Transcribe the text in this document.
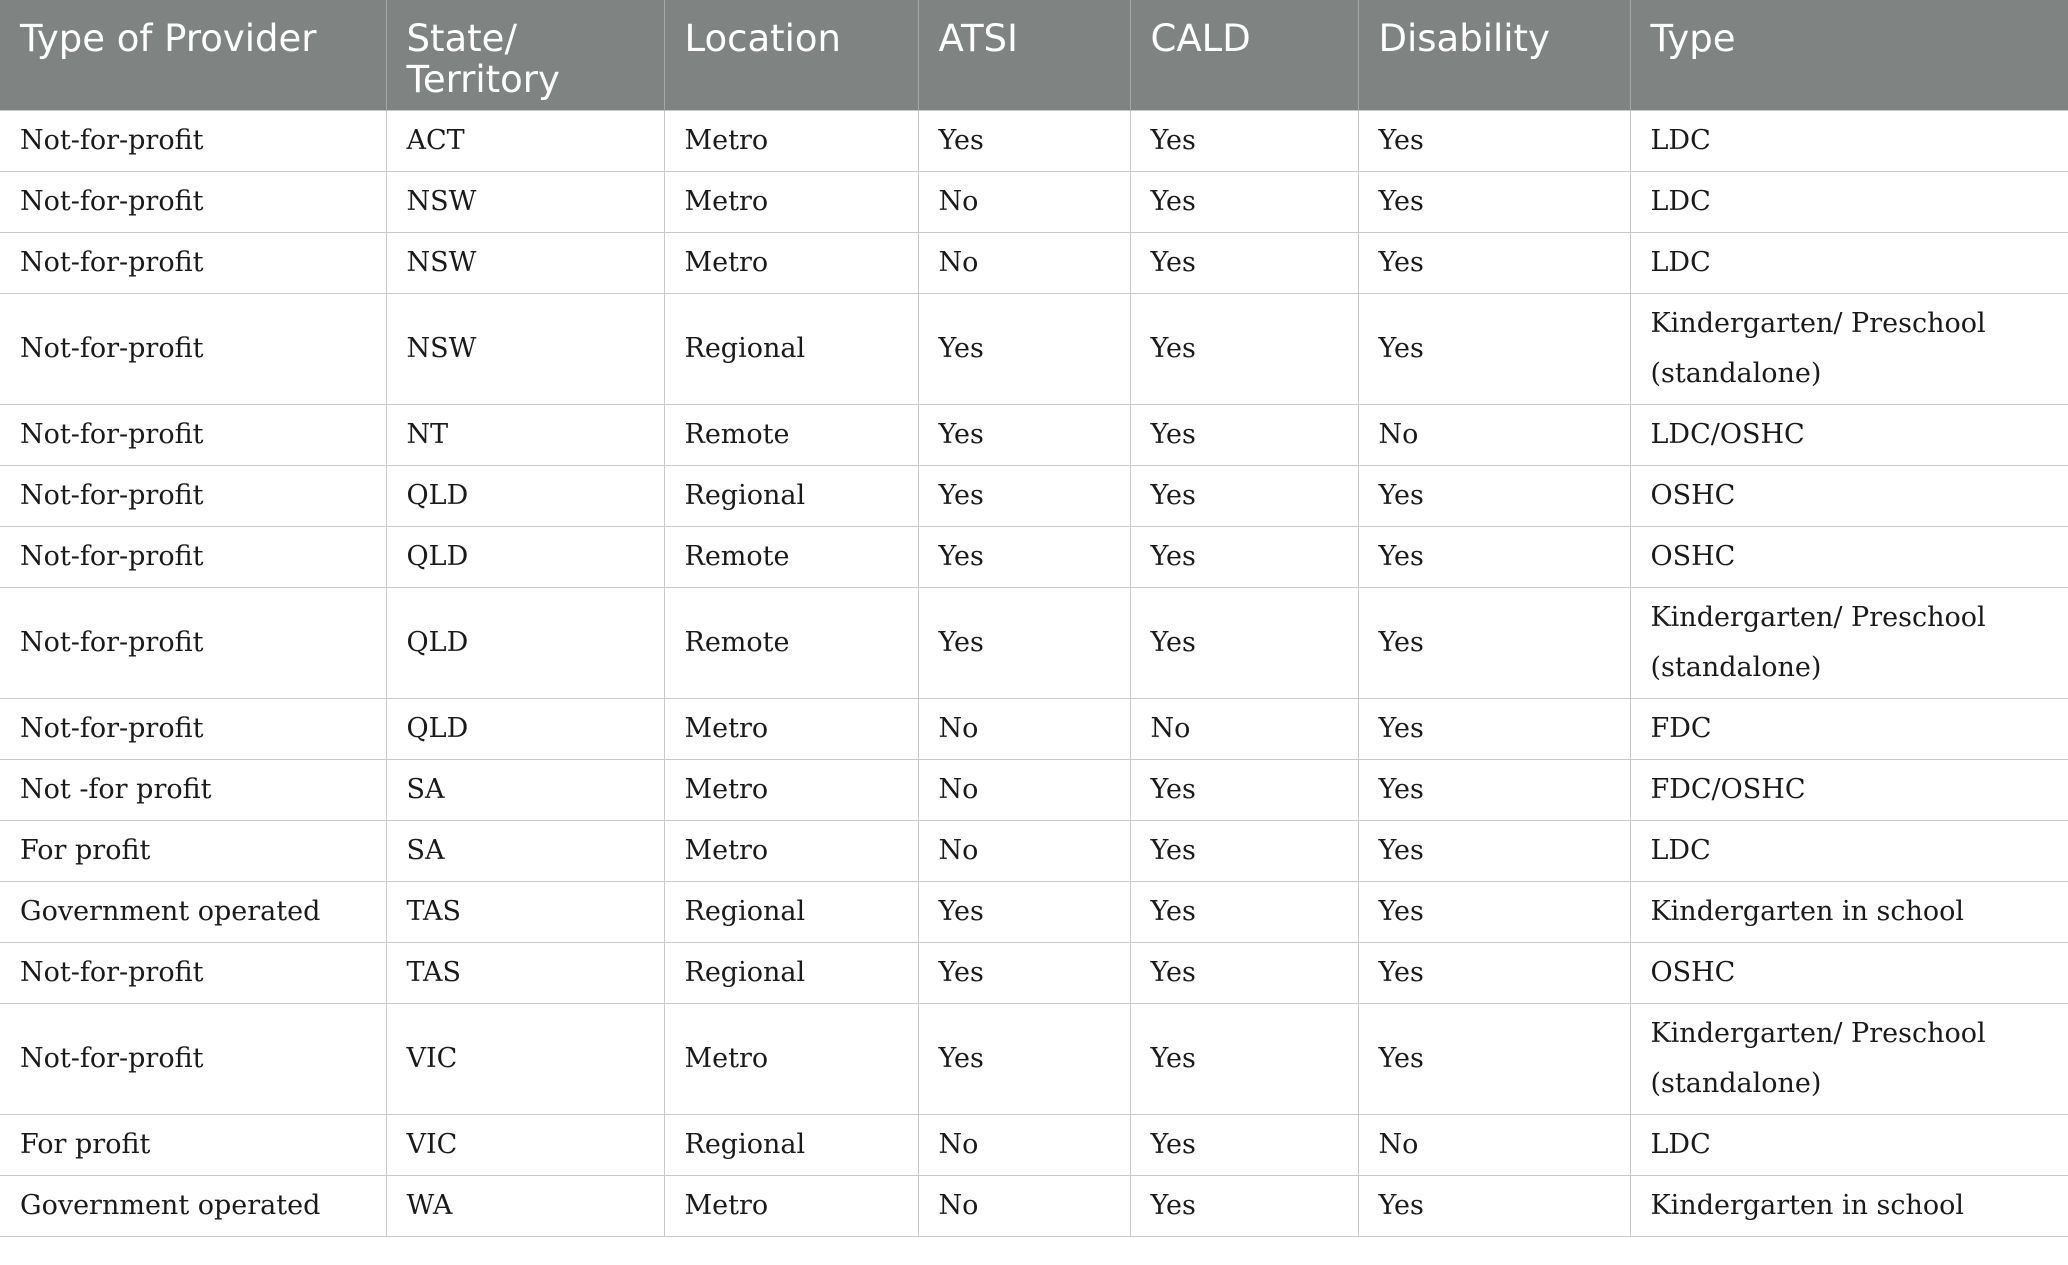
Type of Provider	State/ Territory	Location	ATSI	CALD	Disability	Type
Not-for-profit	ACT	Metro	Yes	Yes	Yes	LDC
Not-for-profit	NSW	Metro	No	Yes	Yes	LDC
Not-for-profit	NSW	Metro	No	Yes	Yes	LDC
Not-for-profit	NSW	Regional	Yes	Yes	Yes	Kindergarten/ Preschool (standalone)
Not-for-profit	NT	Remote	Yes	Yes	No	LDC/OSHC
Not-for-profit	QLD	Regional	Yes	Yes	Yes	OSHC
Not-for-profit	QLD	Remote	Yes	Yes	Yes	OSHC
Not-for-profit	QLD	Remote	Yes	Yes	Yes	Kindergarten/ Preschool (standalone)
Not-for-profit	QLD	Metro	No	No	Yes	FDC
Not -for profit	SA	Metro	No	Yes	Yes	FDC/OSHC
For profit	SA	Metro	No	Yes	Yes	LDC
Government operated	TAS	Regional	Yes	Yes	Yes	Kindergarten in school
Not-for-profit	TAS	Regional	Yes	Yes	Yes	OSHC
Not-for-profit	VIC	Metro	Yes	Yes	Yes	Kindergarten/ Preschool (standalone)
For profit	VIC	Regional	No	Yes	No	LDC
Government operated	WA	Metro	No	Yes	Yes	Kindergarten in school
